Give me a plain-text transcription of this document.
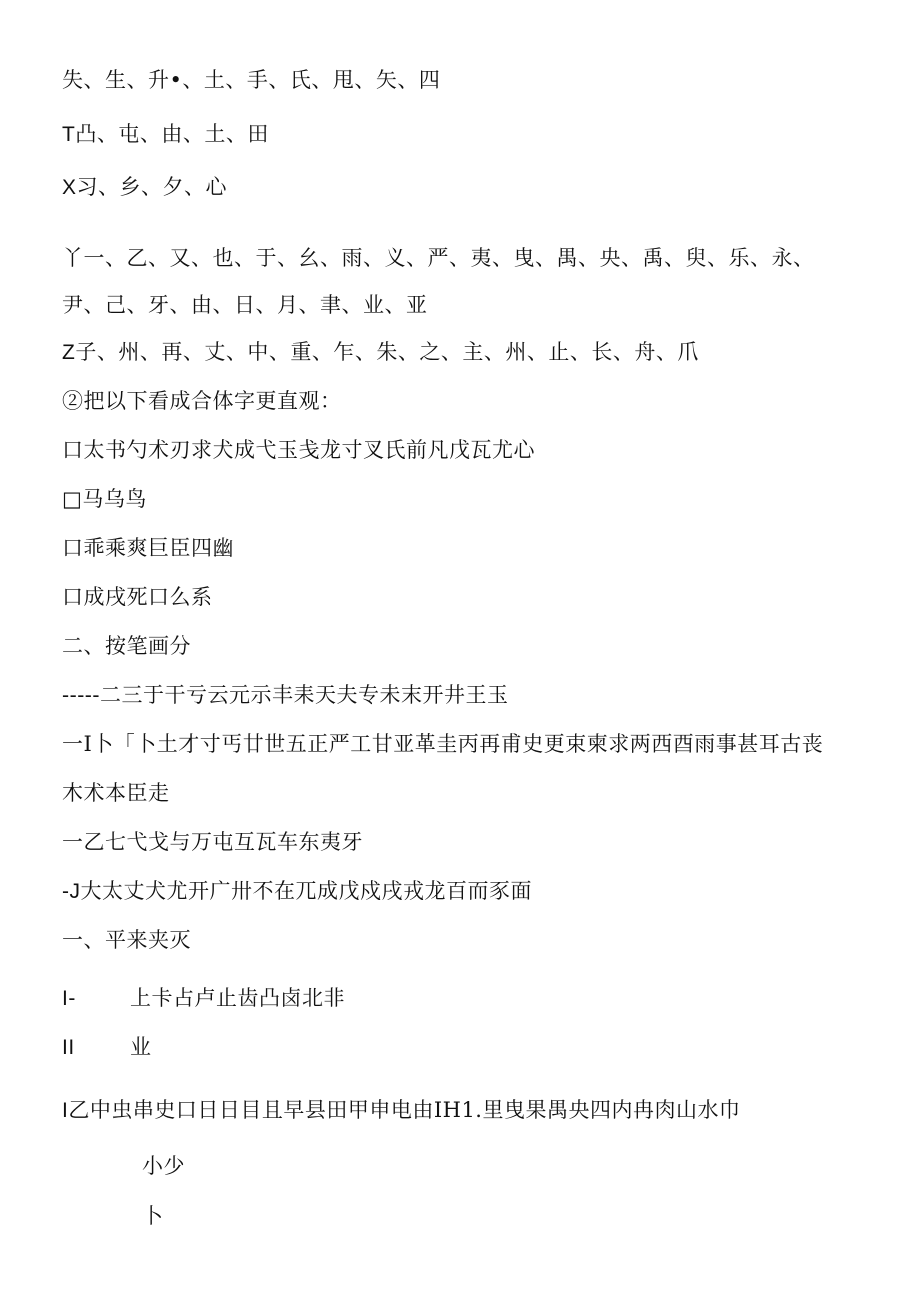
失、生、升•、土、手、氏、甩、矢、四
T凸、屯、由、土、田
X习、乡、夕、心
丫一、乙、又、也、于、幺、雨、义、严、夷、曳、禺、央、禹、臾、乐、永、
尹、己、牙、由、日、月、聿、业、亚
Z子、州、再、丈、中、重、乍、朱、之、主、州、止、长、舟、爪
②把以下看成合体字更直观：
口太书勺术刃求犬成弋玉戋龙寸叉氏前凡戊瓦尤心
□马乌鸟
口乖乘爽巨臣四幽
口成戌死口么系
二、按笔画分
-----二三于干亏云元示丰耒天夫专未末开井王玉
一I卜「卜土才寸丐廿世五正严工甘亚革圭丙再甫史更束柬求两西酉雨事甚耳古丧
木术本臣走
一乙七弋戈与万屯互瓦车东夷牙
-J大太丈犬尤开广卅不在兀成戊戍戌戎龙百而豕面
一、平来夹灭
I-	上卡占卢止齿凸卤北非
II	业
I乙中虫串史口日日目且早县田甲申电由IH1.里曳果禺央四内冉肉山水巾
小少
卜
